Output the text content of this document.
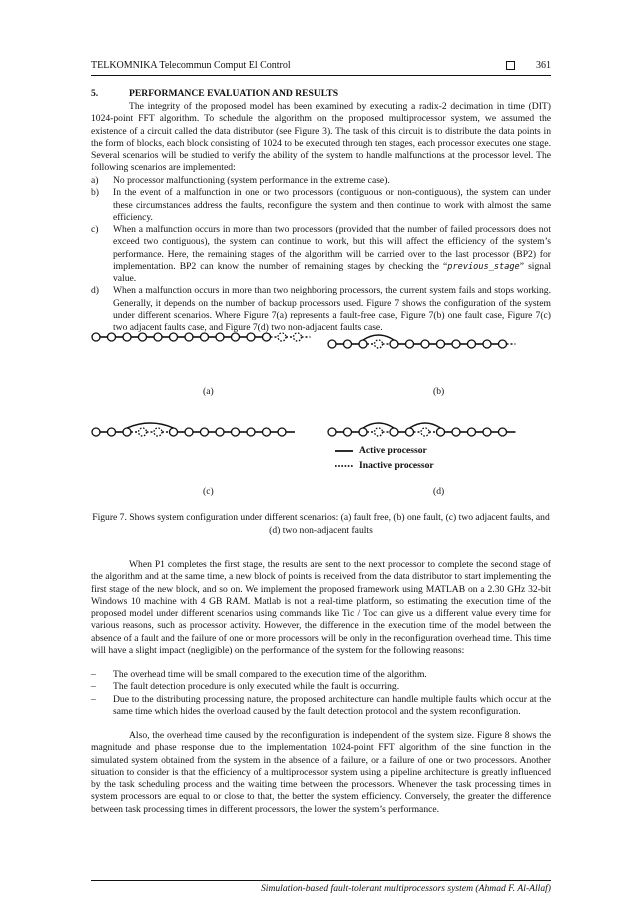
TELKOMNIKA Telecommun Comput El Control	361
5.	PERFORMANCE EVALUATION AND RESULTS
The integrity of the proposed model has been examined by executing a radix-2 decimation in time (DIT) 1024-point FFT algorithm. To schedule the algorithm on the proposed multiprocessor system, we assumed the existence of a circuit called the data distributor (see Figure 3). The task of this circuit is to distribute the data points in the form of blocks, each block consisting of 1024 to be executed through ten stages, each processor executes one stage. Several scenarios will be studied to verify the ability of the system to handle malfunctions at the processor level. The following scenarios are implemented:
a) No processor malfunctioning (system performance in the extreme case).
b) In the event of a malfunction in one or two processors (contiguous or non-contiguous), the system can under these circumstances address the faults, reconfigure the system and then continue to work with almost the same efficiency.
c) When a malfunction occurs in more than two processors (provided that the number of failed processors does not exceed two contiguous), the system can continue to work, but this will affect the efficiency of the system’s performance. Here, the remaining stages of the algorithm will be carried over to the last processor (BP2) for implementation. BP2 can know the number of remaining stages by checking the “previous_stage” signal value.
d) When a malfunction occurs in more than two neighboring processors, the current system fails and stops working. Generally, it depends on the number of backup processors used. Figure 7 shows the configuration of the system under different scenarios. Where Figure 7(a) represents a fault-free case, Figure 7(b) one fault case, Figure 7(c) two adjacent faults case, and Figure 7(d) two non-adjacent faults case.
(a)	(b)
(c)	(d)
Active processor
Inactive processor
Figure 7. Shows system configuration under different scenarios: (a) fault free, (b) one fault, (c) two adjacent faults, and (d) two non-adjacent faults
When P1 completes the first stage, the results are sent to the next processor to complete the second stage of the algorithm and at the same time, a new block of points is received from the data distributor to start implementing the first stage of the new block, and so on. We implement the proposed framework using MATLAB on a 2.30 GHz 32-bit Windows 10 machine with 4 GB RAM. Matlab is not a real-time platform, so estimating the execution time of the proposed model under different scenarios using commands like Tic / Toc can give us a different value every time for various reasons, such as processor activity. However, the difference in the execution time of the model between the absence of a fault and the failure of one or more processors will be only in the reconfiguration overhead time. This time will have a slight impact (negligible) on the performance of the system for the following reasons:
– The overhead time will be small compared to the execution time of the algorithm.
– The fault detection procedure is only executed while the fault is occurring.
– Due to the distributing processing nature, the proposed architecture can handle multiple faults which occur at the same time which hides the overload caused by the fault detection protocol and the system reconfiguration.
Also, the overhead time caused by the reconfiguration is independent of the system size. Figure 8 shows the magnitude and phase response due to the implementation 1024-point FFT algorithm of the sine function in the simulated system obtained from the system in the absence of a failure, or a failure of one or two processors. Another situation to consider is that the efficiency of a multiprocessor system using a pipeline architecture is greatly influenced by the task scheduling process and the waiting time between the processors. Whenever the task processing times in system processors are equal to or close to that, the better the system efficiency. Conversely, the greater the difference between task processing times in different processors, the lower the system’s performance.
Simulation-based fault-tolerant multiprocessors system (Ahmad F. Al-Allaf)
